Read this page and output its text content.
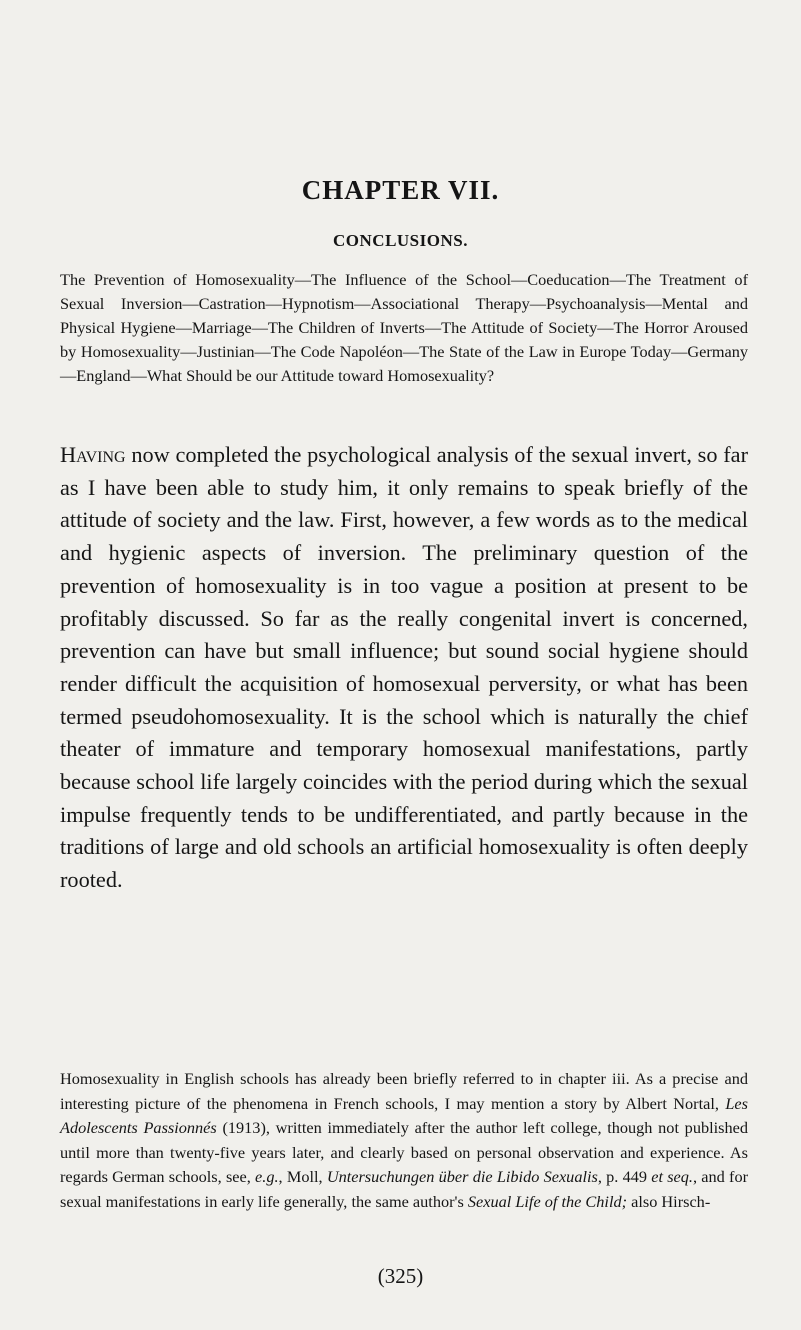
CHAPTER VII.
CONCLUSIONS.

The Prevention of Homosexuality—The Influence of the School—Coeducation—The Treatment of Sexual Inversion—Castration—Hypnotism—Associational Therapy—Psychoanalysis—Mental and Physical Hygiene—Marriage—The Children of Inverts—The Attitude of Society—The Horror Aroused by Homosexuality—Justinian—The Code Napoléon—The State of the Law in Europe Today—Germany—England—What Should be our Attitude toward Homosexuality?

Having now completed the psychological analysis of the sexual invert, so far as I have been able to study him, it only remains to speak briefly of the attitude of society and the law. First, however, a few words as to the medical and hygienic aspects of inversion. The preliminary question of the prevention of homosexuality is in too vague a position at present to be profitably discussed. So far as the really congenital invert is concerned, prevention can have but small influence; but sound social hygiene should render difficult the acquisition of homosexual perversity, or what has been termed pseudohomosexuality. It is the school which is naturally the chief theater of immature and temporary homosexual manifestations, partly because school life largely coincides with the period during which the sexual impulse frequently tends to be undifferentiated, and partly because in the traditions of large and old schools an artificial homosexuality is often deeply rooted.

Homosexuality in English schools has already been briefly referred to in chapter iii. As a precise and interesting picture of the phenomena in French schools, I may mention a story by Albert Nortal, Les Adolescents Passionnés (1913), written immediately after the author left college, though not published until more than twenty-five years later, and clearly based on personal observation and experience. As regards German schools, see, e.g., Moll, Untersuchungen über die Libido Sexualis, p. 449 et seq., and for sexual manifestations in early life generally, the same author's Sexual Life of the Child; also Hirsch-

(325)
